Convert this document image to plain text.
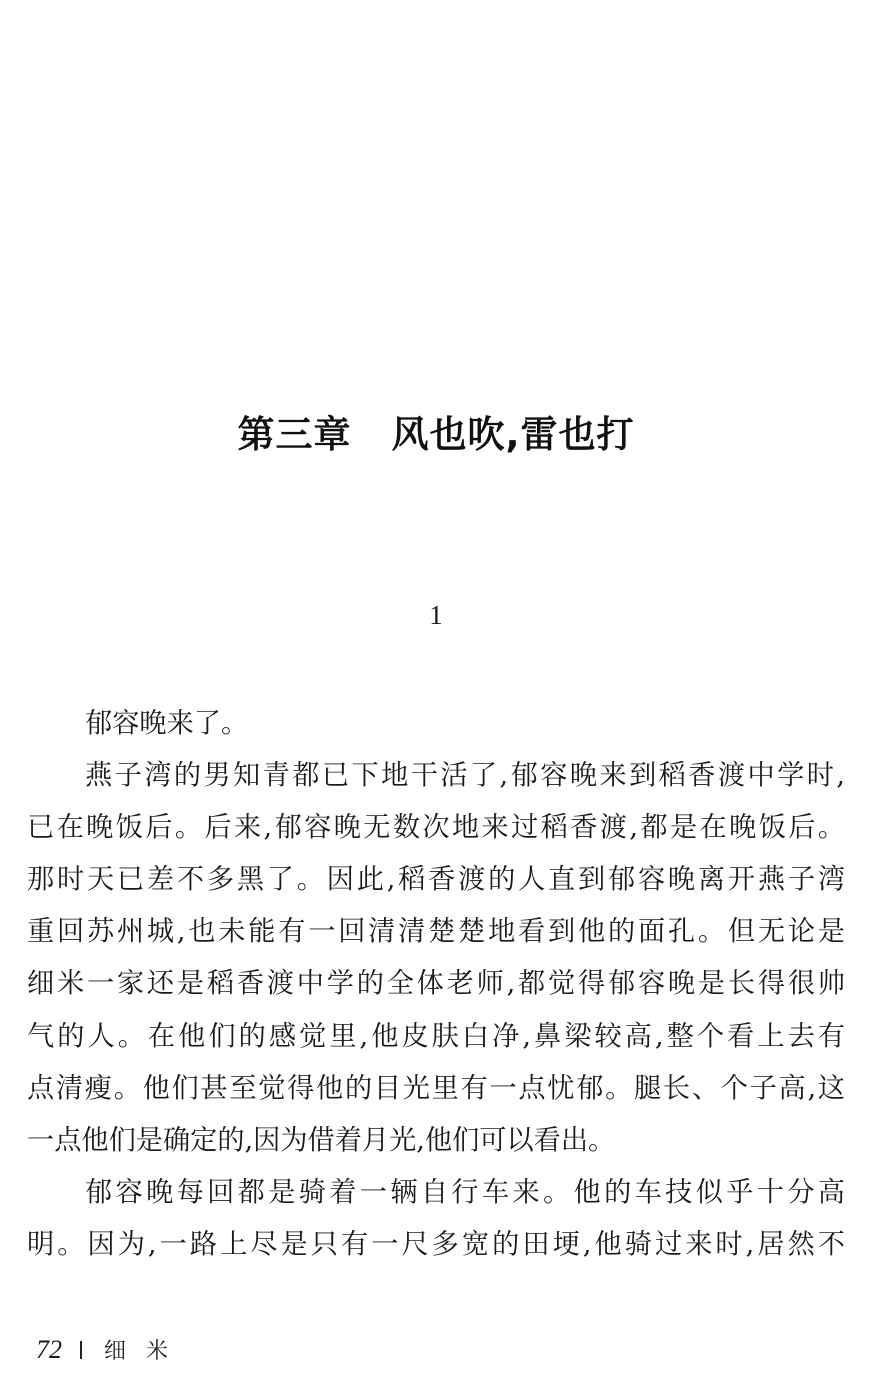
第三章 风也吹,雷也打
1
郁容晚来了。
燕子湾的男知青都已下地干活了,郁容晚来到稻香渡中学时,
已在晚饭后。后来,郁容晚无数次地来过稻香渡,都是在晚饭后。
那时天已差不多黑了。因此,稻香渡的人直到郁容晚离开燕子湾
重回苏州城,也未能有一回清清楚楚地看到他的面孔。但无论是
细米一家还是稻香渡中学的全体老师,都觉得郁容晚是长得很帅
气的人。在他们的感觉里,他皮肤白净,鼻梁较高,整个看上去有
点清瘦。他们甚至觉得他的目光里有一点忧郁。腿长、个子高,这
一点他们是确定的,因为借着月光,他们可以看出。
郁容晚每回都是骑着一辆自行车来。他的车技似乎十分高
明。因为,一路上尽是只有一尺多宽的田埂,他骑过来时,居然不
72 细米
